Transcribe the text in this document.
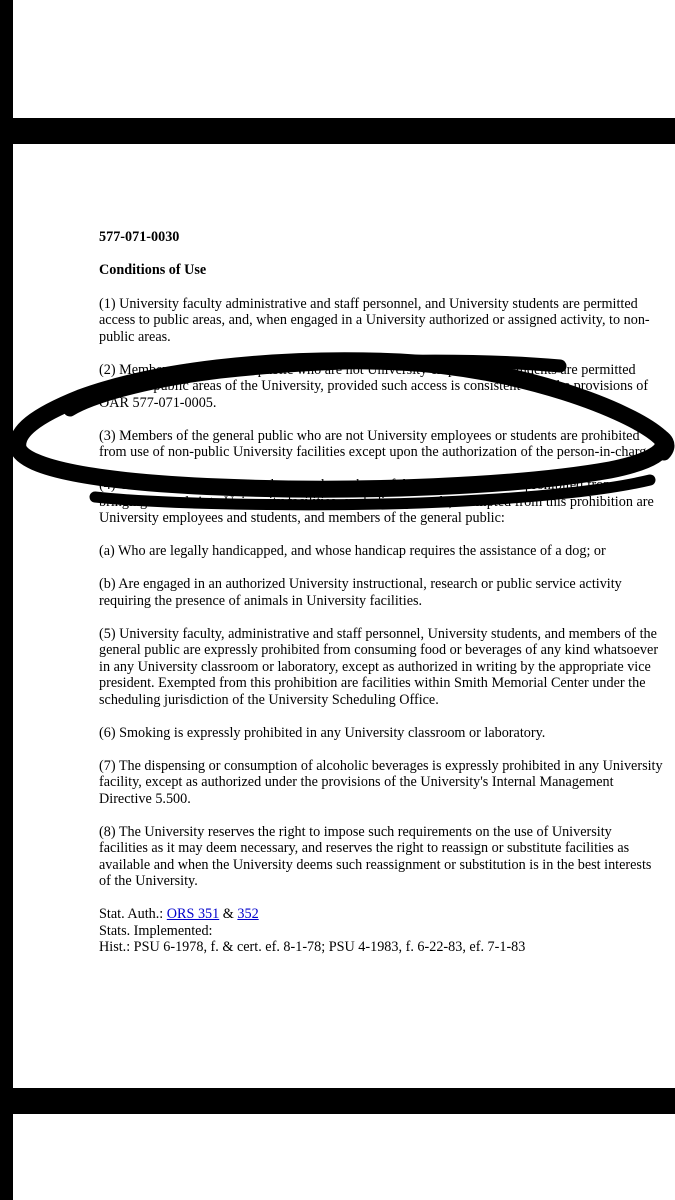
577-071-0030

Conditions of Use

(1) University faculty administrative and staff personnel, and University students are permitted access to public areas, and, when engaged in a University authorized or assigned activity, to non-public areas.

(2) Members of the general public who are not University employees or students are permitted access to public areas of the University, provided such access is consistent with the provisions of OAR 577-071-0005.

(3) Members of the general public who are not University employees or students are prohibited from use of non-public University facilities except upon the authorization of the person-in-charge.

(4) University employees, students, and members of the general public are prohibited from bringing animals into University facilities, excluding grounds; exempted from this prohibition are University employees and students, and members of the general public:

(a) Who are legally handicapped, and whose handicap requires the assistance of a dog; or

(b) Are engaged in an authorized University instructional, research or public service activity requiring the presence of animals in University facilities.

(5) University faculty, administrative and staff personnel, University students, and members of the general public are expressly prohibited from consuming food or beverages of any kind whatsoever in any University classroom or laboratory, except as authorized in writing by the appropriate vice president. Exempted from this prohibition are facilities within Smith Memorial Center under the scheduling jurisdiction of the University Scheduling Office.

(6) Smoking is expressly prohibited in any University classroom or laboratory.

(7) The dispensing or consumption of alcoholic beverages is expressly prohibited in any University facility, except as authorized under the provisions of the University's Internal Management Directive 5.500.

(8) The University reserves the right to impose such requirements on the use of University facilities as it may deem necessary, and reserves the right to reassign or substitute facilities as available and when the University deems such reassignment or substitution is in the best interests of the University.

Stat. Auth.: ORS 351 & 352
Stats. Implemented:
Hist.: PSU 6-1978, f. & cert. ef. 8-1-78; PSU 4-1983, f. 6-22-83, ef. 7-1-83
